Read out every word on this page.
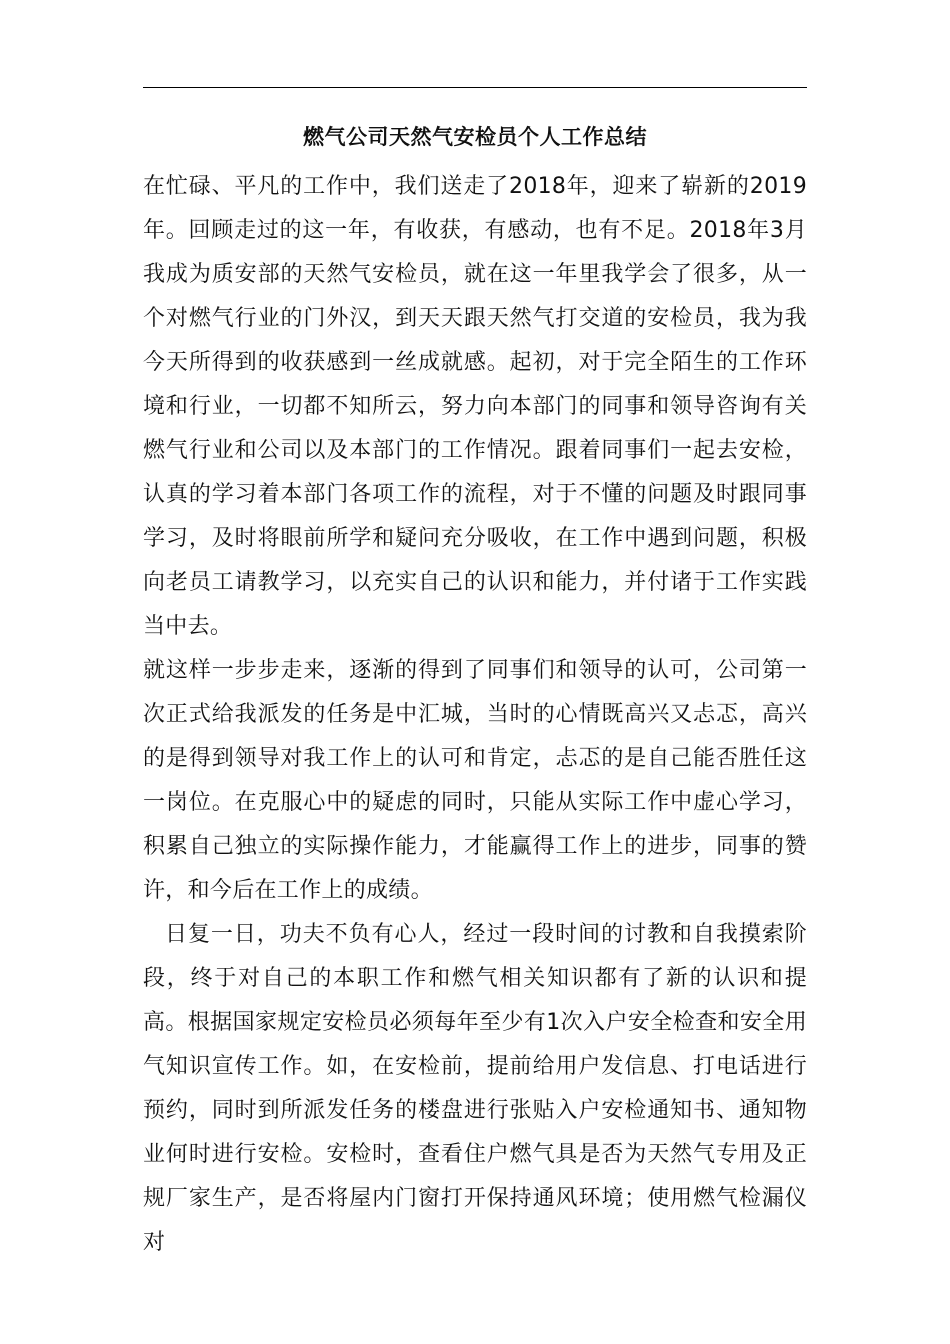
燃气公司天然气安检员个人工作总结

在忙碌、平凡的工作中，我们送走了2018年，迎来了崭新的2019年。回顾走过的这一年，有收获，有感动，也有不足。2018年3月我成为质安部的天然气安检员，就在这一年里我学会了很多，从一个对燃气行业的门外汉，到天天跟天然气打交道的安检员，我为我今天所得到的收获感到一丝成就感。起初，对于完全陌生的工作环境和行业，一切都不知所云，努力向本部门的同事和领导咨询有关燃气行业和公司以及本部门的工作情况。跟着同事们一起去安检，认真的学习着本部门各项工作的流程，对于不懂的问题及时跟同事学习，及时将眼前所学和疑问充分吸收，在工作中遇到问题，积极向老员工请教学习，以充实自己的认识和能力，并付诸于工作实践当中去。

就这样一步步走来，逐渐的得到了同事们和领导的认可，公司第一次正式给我派发的任务是中汇城，当时的心情既高兴又忐忑，高兴的是得到领导对我工作上的认可和肯定，忐忑的是自己能否胜任这一岗位。在克服心中的疑虑的同时，只能从实际工作中虚心学习，积累自己独立的实际操作能力，才能赢得工作上的进步，同事的赞许，和今后在工作上的成绩。

日复一日，功夫不负有心人，经过一段时间的讨教和自我摸索阶段，终于对自己的本职工作和燃气相关知识都有了新的认识和提高。根据国家规定安检员必须每年至少有1次入户安全检查和安全用气知识宣传工作。如，在安检前，提前给用户发信息、打电话进行预约，同时到所派发任务的楼盘进行张贴入户安检通知书、通知物业何时进行安检。安检时，查看住户燃气具是否为天然气专用及正规厂家生产，是否将屋内门窗打开保持通风环境；使用燃气检漏仪对
